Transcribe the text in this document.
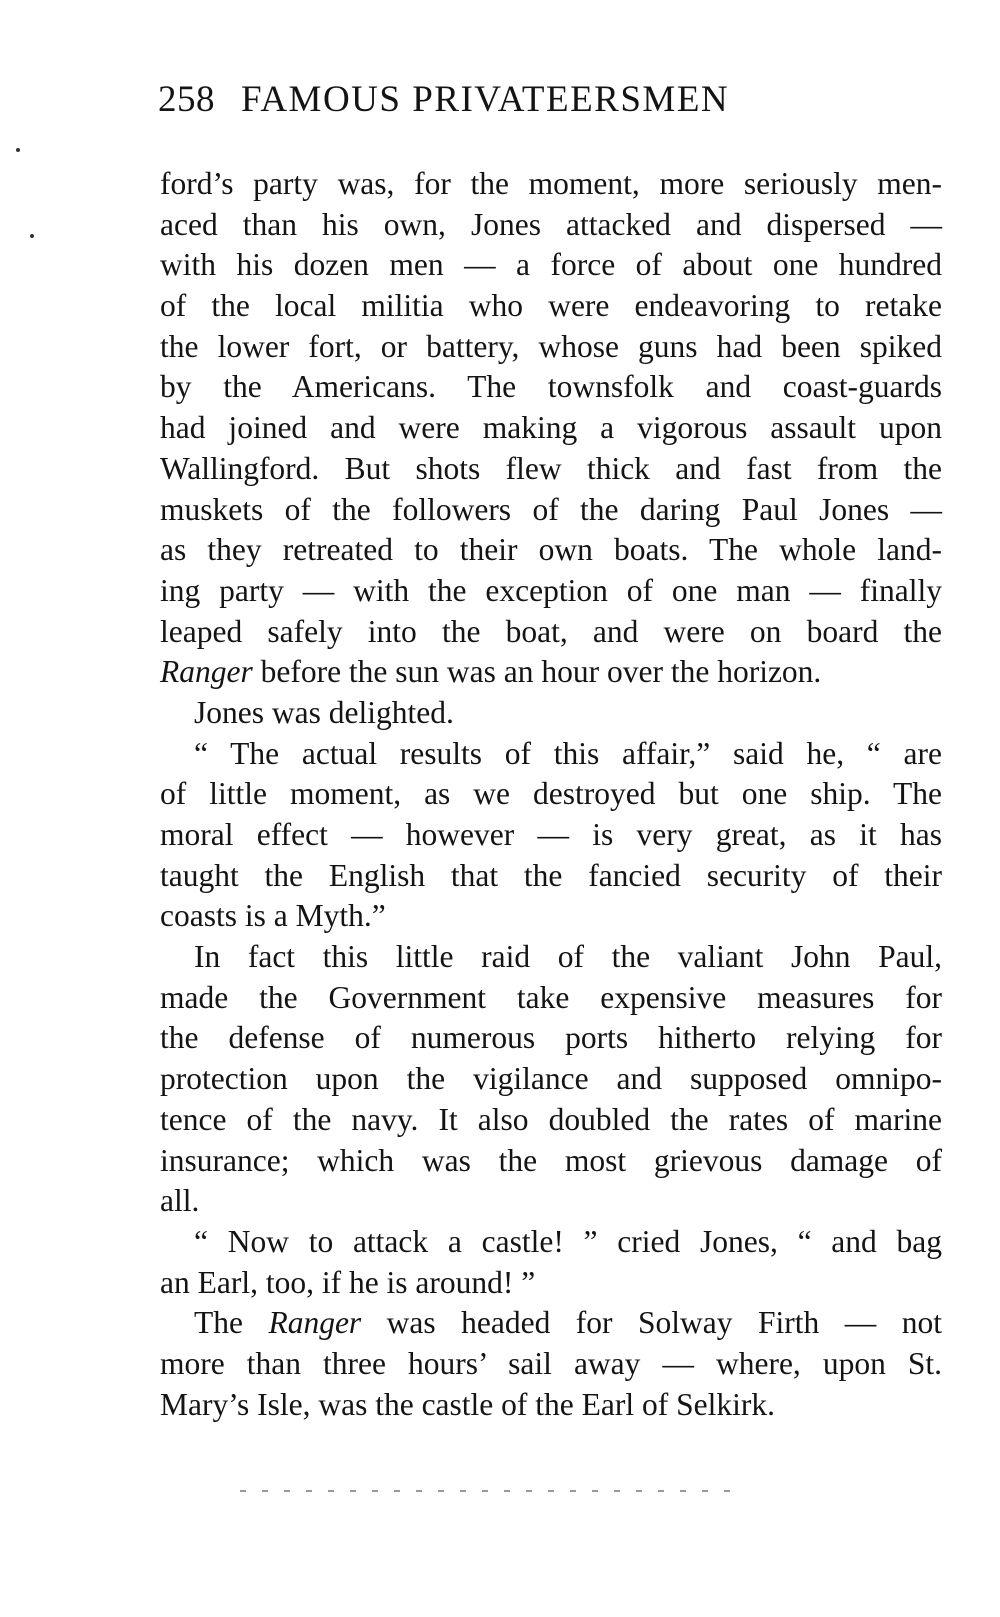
258 FAMOUS PRIVATEERSMEN
ford’s party was, for the moment, more seriously men-
aced than his own, Jones attacked and dispersed —
with his dozen men — a force of about one hundred
of the local militia who were endeavoring to retake
the lower fort, or battery, whose guns had been spiked
by the Americans. The townsfolk and coast-guards
had joined and were making a vigorous assault upon
Wallingford. But shots flew thick and fast from the
muskets of the followers of the daring Paul Jones —
as they retreated to their own boats. The whole land-
ing party — with the exception of one man — finally
leaped safely into the boat, and were on board the
Ranger before the sun was an hour over the horizon.
Jones was delighted.
“ The actual results of this affair,” said he, “ are
of little moment, as we destroyed but one ship. The
moral effect — however — is very great, as it has
taught the English that the fancied security of their
coasts is a Myth.”
In fact this little raid of the valiant John Paul,
made the Government take expensive measures for
the defense of numerous ports hitherto relying for
protection upon the vigilance and supposed omnipo-
tence of the navy. It also doubled the rates of marine
insurance; which was the most grievous damage of
all.
“ Now to attack a castle! ” cried Jones, “ and bag
an Earl, too, if he is around! ”
The Ranger was headed for Solway Firth — not
more than three hours’ sail away — where, upon St.
Mary’s Isle, was the castle of the Earl of Selkirk.
